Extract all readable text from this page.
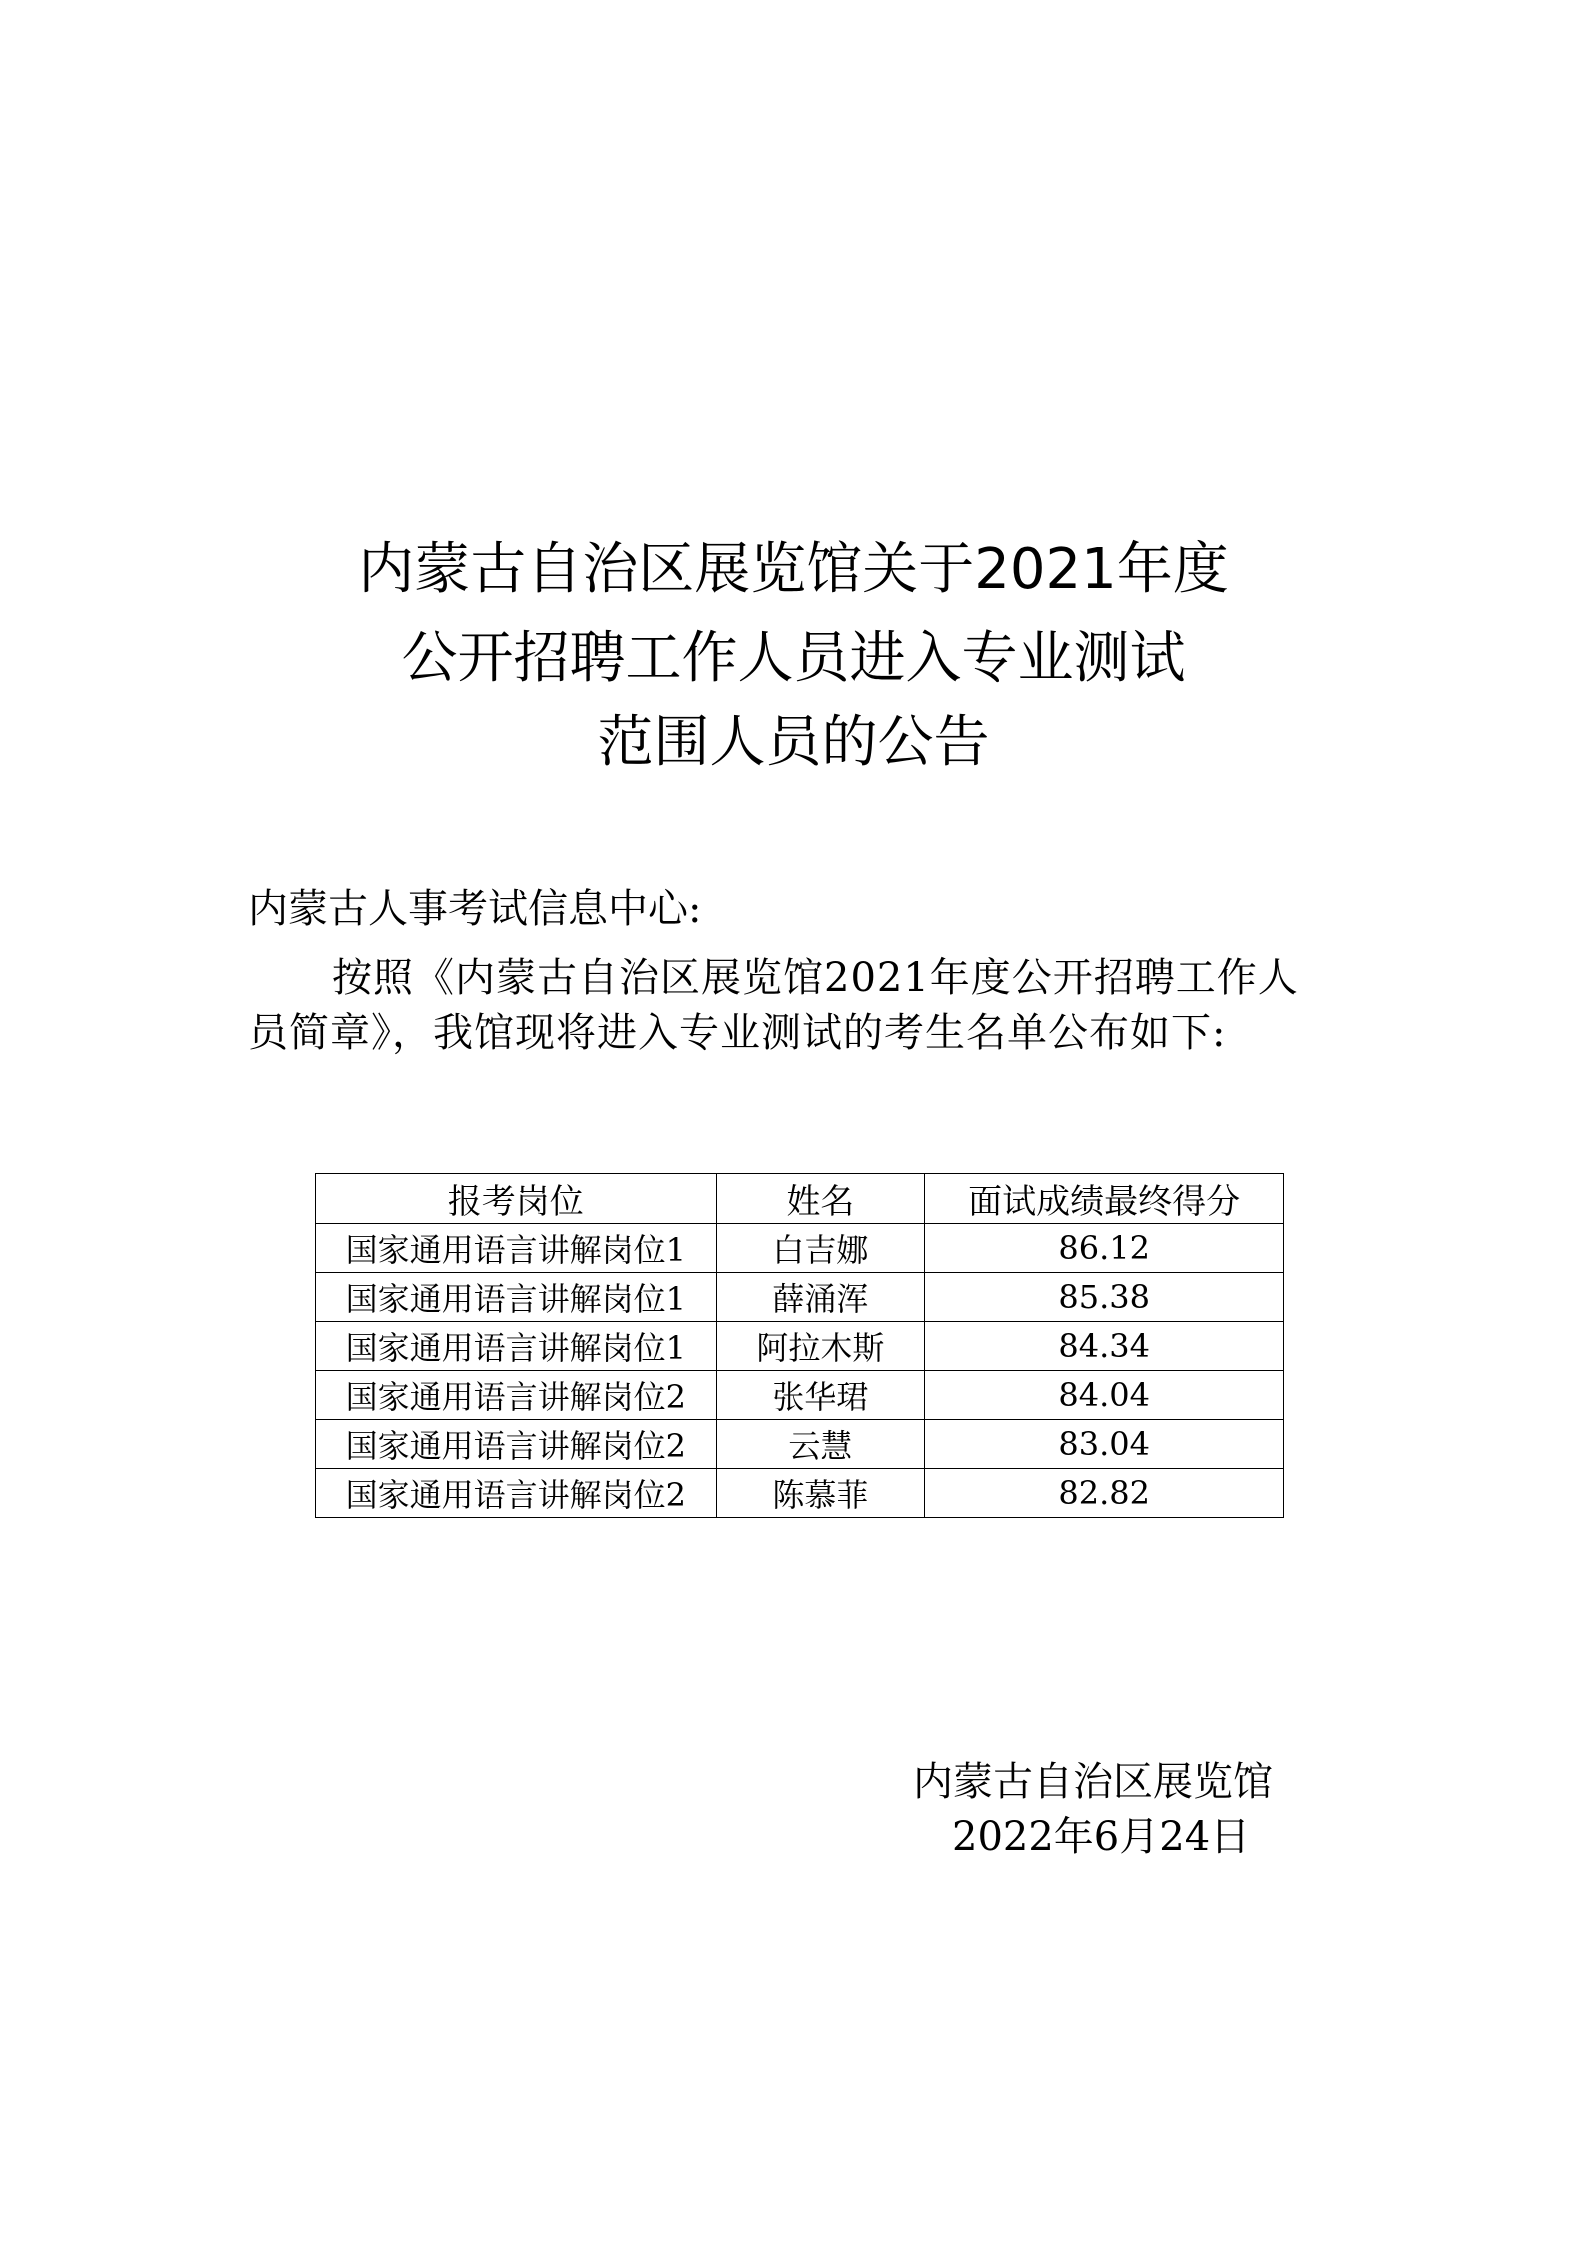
内蒙古自治区展览馆关于2021年度
公开招聘工作人员进入专业测试
范围人员的公告
内蒙古人事考试信息中心:
按照《内蒙古自治区展览馆2021年度公开招聘工作人
员简章》，我馆现将进入专业测试的考生名单公布如下:
报考岗位	姓名	面试成绩最终得分
国家通用语言讲解岗位1	白吉娜	86.12
国家通用语言讲解岗位1	薛涌浑	85.38
国家通用语言讲解岗位1	阿拉木斯	84.34
国家通用语言讲解岗位2	张华珺	84.04
国家通用语言讲解岗位2	云慧	83.04
国家通用语言讲解岗位2	陈慕菲	82.82
内蒙古自治区展览馆
2022年6月24日
